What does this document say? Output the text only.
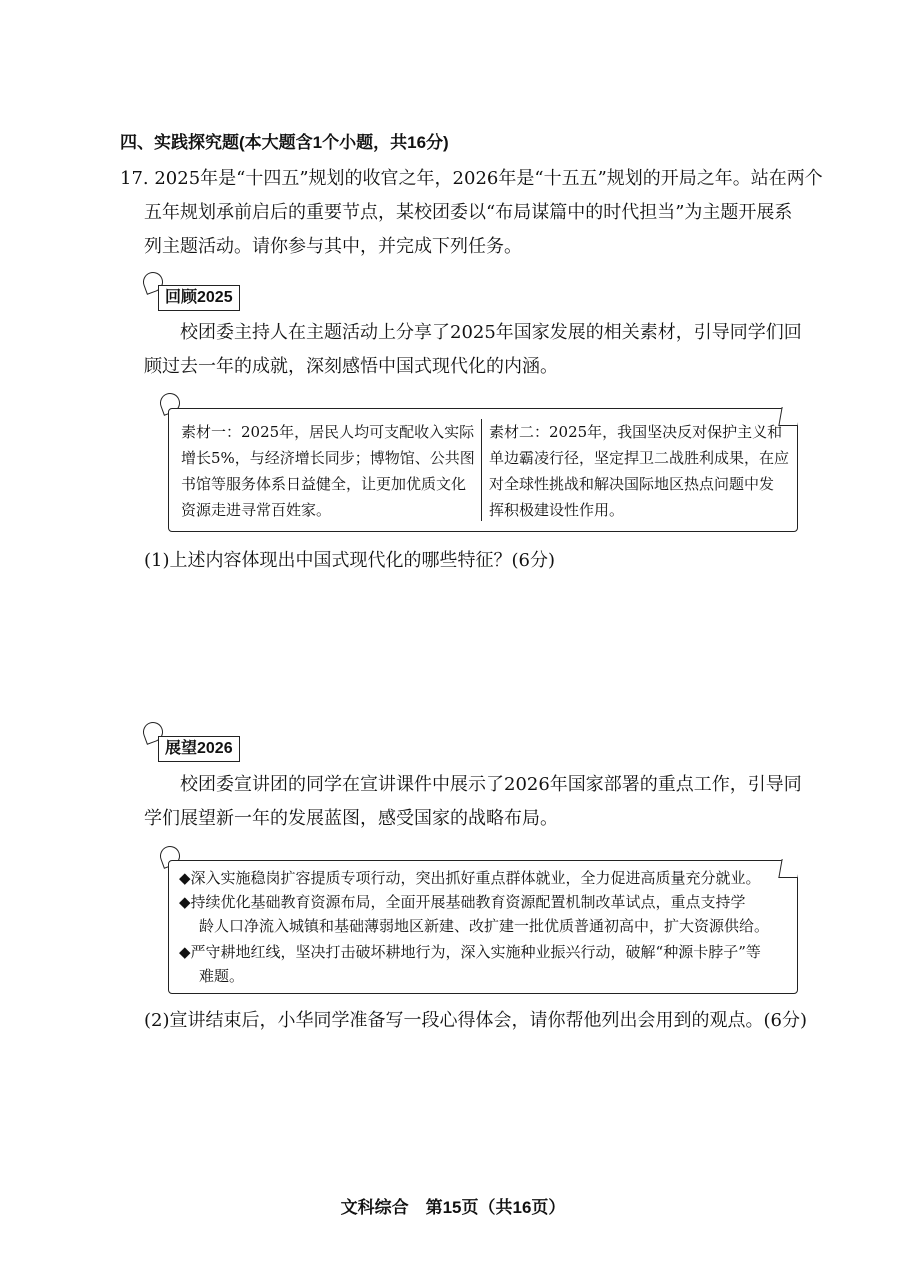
四、实践探究题(本大题含1个小题，共16分)
17. 2025年是“十四五”规划的收官之年，2026年是“十五五”规划的开局之年。站在两个
五年规划承前启后的重要节点，某校团委以“布局谋篇中的时代担当”为主题开展系
列主题活动。请你参与其中，并完成下列任务。
回顾2025
校团委主持人在主题活动上分享了2025年国家发展的相关素材，引导同学们回
顾过去一年的成就，深刻感悟中国式现代化的内涵。
素材一：2025年，居民人均可支配收入实际
增长5%，与经济增长同步；博物馆、公共图
书馆等服务体系日益健全，让更加优质文化
资源走进寻常百姓家。
素材二：2025年，我国坚决反对保护主义和
单边霸凌行径，坚定捍卫二战胜利成果，在应
对全球性挑战和解决国际地区热点问题中发
挥积极建设性作用。
(1)上述内容体现出中国式现代化的哪些特征？(6分)
展望2026
校团委宣讲团的同学在宣讲课件中展示了2026年国家部署的重点工作，引导同
学们展望新一年的发展蓝图，感受国家的战略布局。
◆深入实施稳岗扩容提质专项行动，突出抓好重点群体就业，全力促进高质量充分就业。
◆持续优化基础教育资源布局，全面开展基础教育资源配置机制改革试点，重点支持学
龄人口净流入城镇和基础薄弱地区新建、改扩建一批优质普通初高中，扩大资源供给。
◆严守耕地红线，坚决打击破坏耕地行为，深入实施种业振兴行动，破解“种源卡脖子”等
难题。
(2)宣讲结束后，小华同学准备写一段心得体会，请你帮他列出会用到的观点。(6分)
文科综合　第15页（共16页）
